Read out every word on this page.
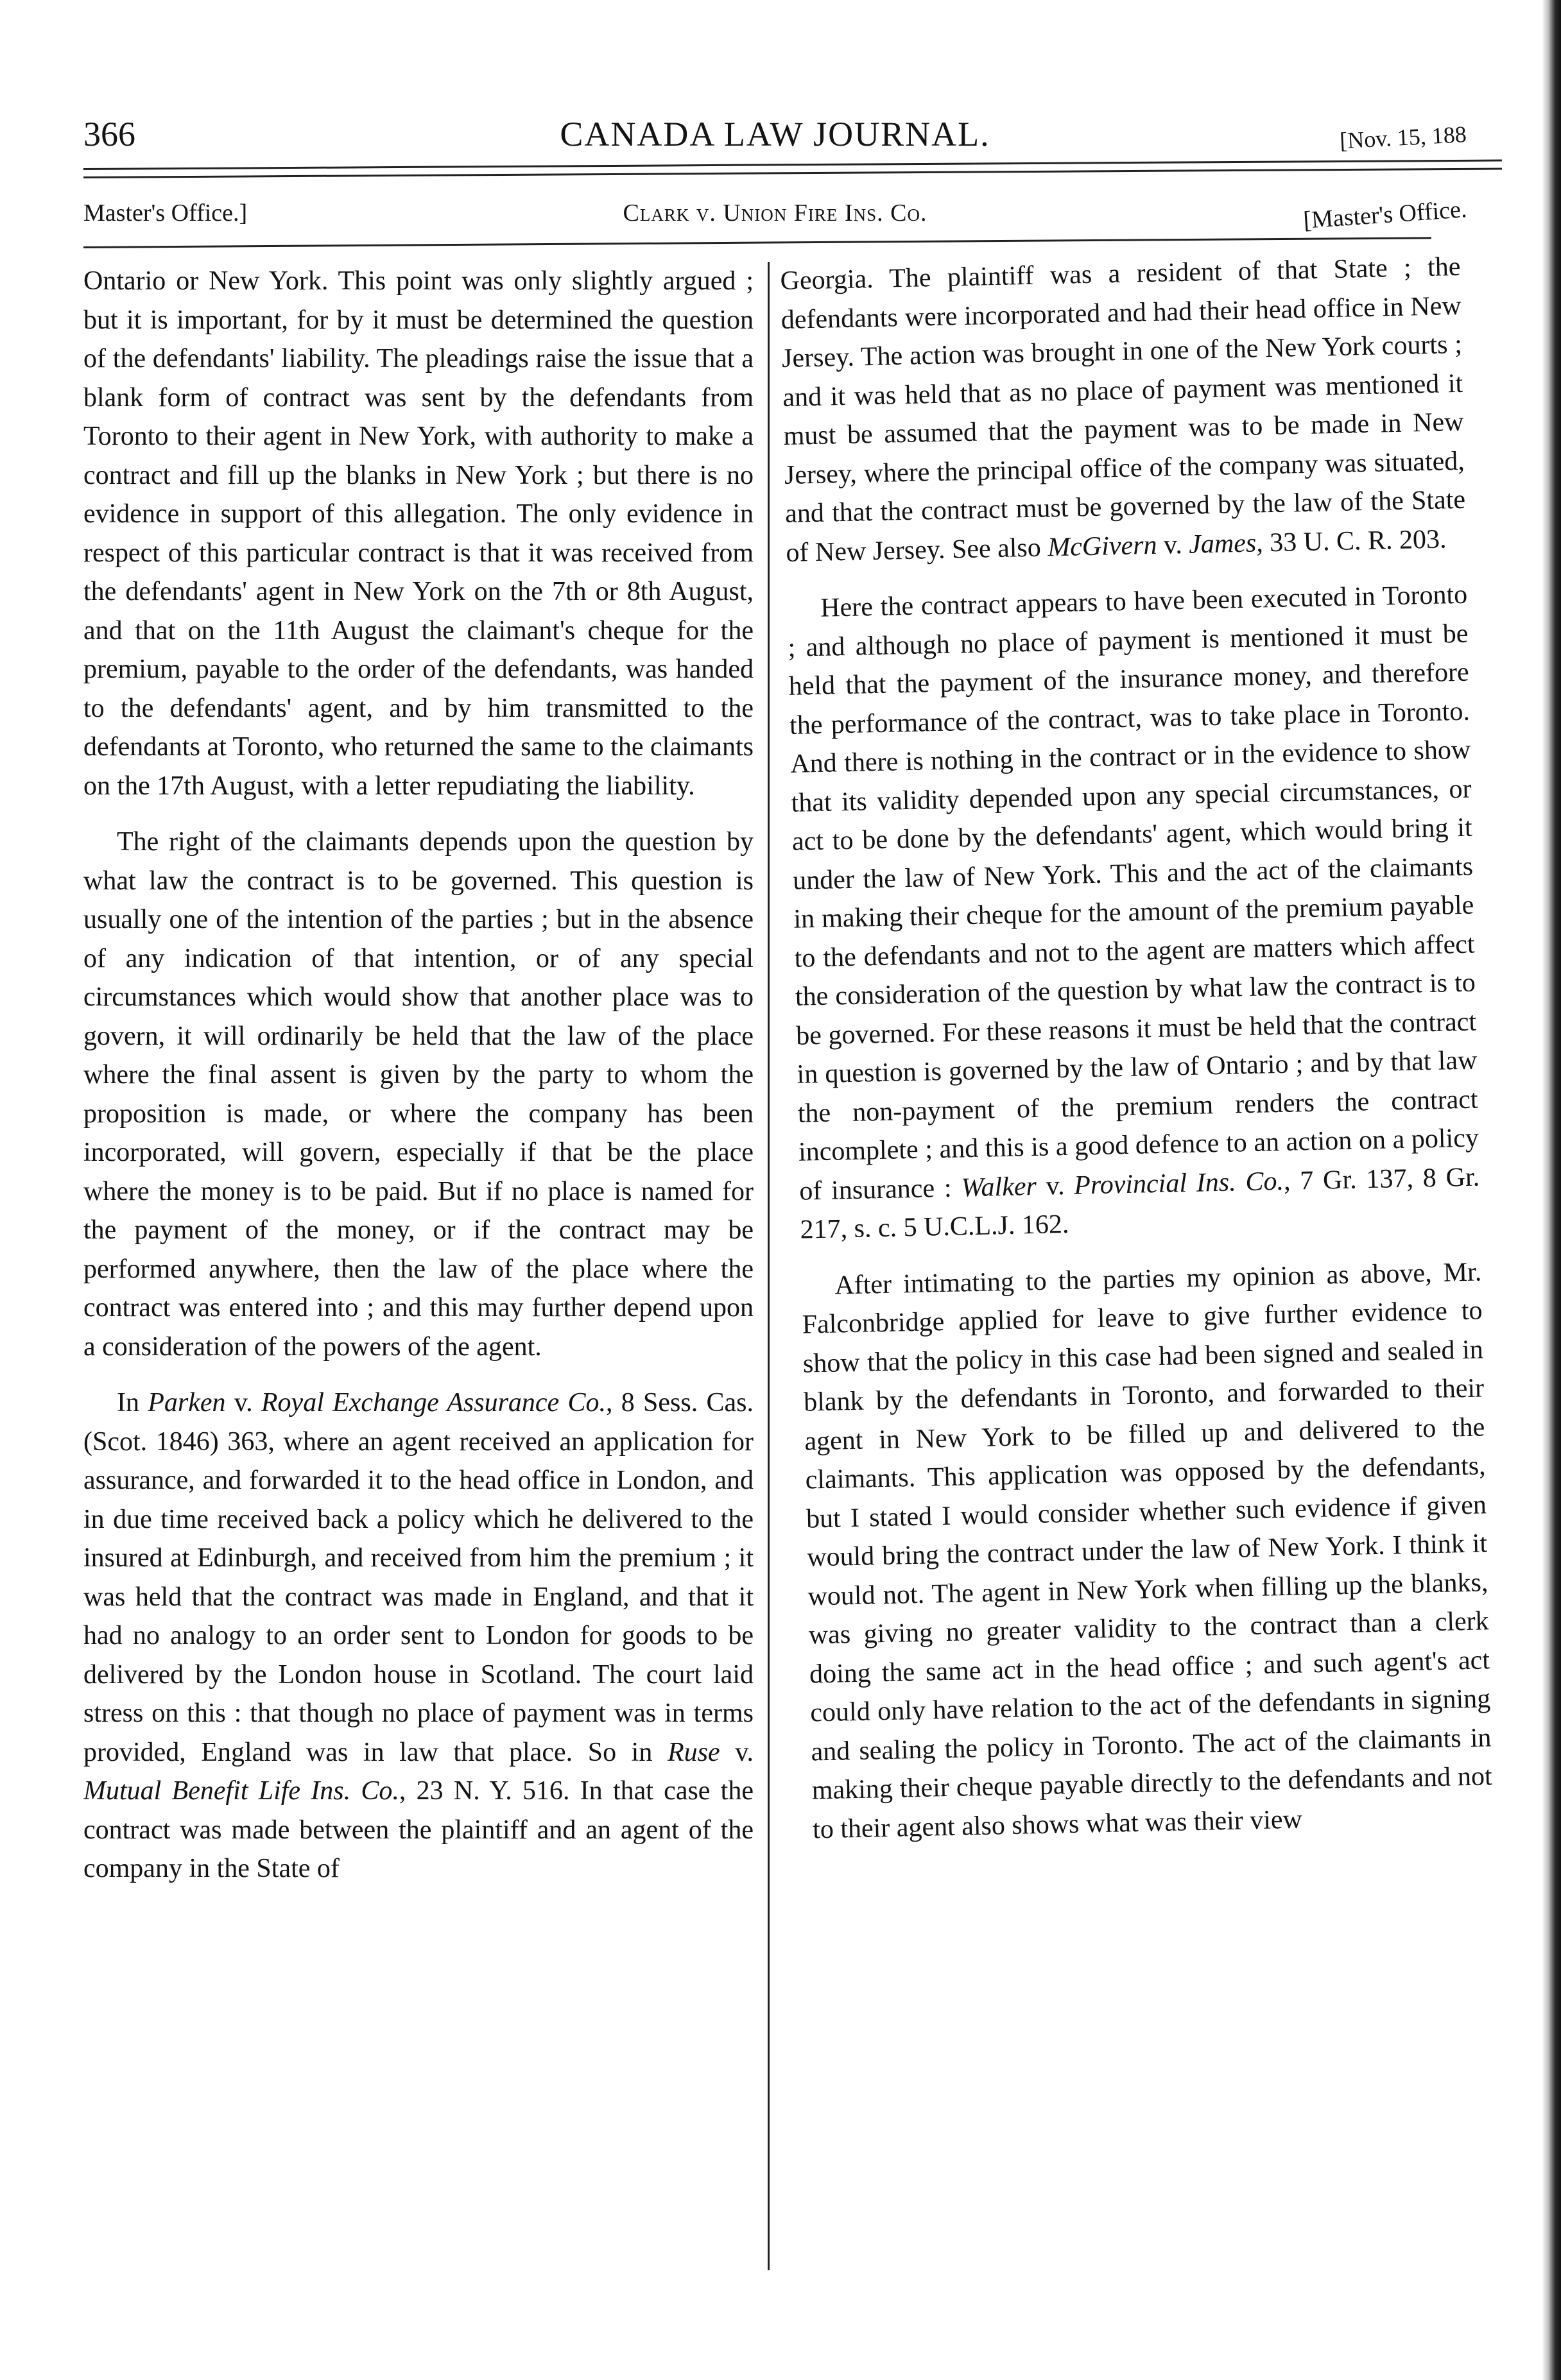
366	CANADA LAW JOURNAL.	[Nov. 15, 188
Master's Office.]	Clark v. Union Fire Ins. Co.	[Master's Office.

Ontario or New York. This point was only slightly argued ; but it is important, for by it must be determined the question of the defendants' liability. The pleadings raise the issue that a blank form of contract was sent by the defendants from Toronto to their agent in New York, with authority to make a contract and fill up the blanks in New York ; but there is no evidence in support of this allegation. The only evidence in respect of this particular contract is that it was received from the defendants' agent in New York on the 7th or 8th August, and that on the 11th August the claimant's cheque for the premium, payable to the order of the defendants, was handed to the defendants' agent, and by him transmitted to the defendants at Toronto, who returned the same to the claimants on the 17th August, with a letter repudiating the liability.

The right of the claimants depends upon the question by what law the contract is to be governed. This question is usually one of the intention of the parties ; but in the absence of any indication of that intention, or of any special circumstances which would show that another place was to govern, it will ordinarily be held that the law of the place where the final assent is given by the party to whom the proposition is made, or where the company has been incorporated, will govern, especially if that be the place where the money is to be paid. But if no place is named for the payment of the money, or if the contract may be performed anywhere, then the law of the place where the contract was entered into ; and this may further depend upon a consideration of the powers of the agent.

In Parken v. Royal Exchange Assurance Co., 8 Sess. Cas. (Scot. 1846) 363, where an agent received an application for assurance, and forwarded it to the head office in London, and in due time received back a policy which he delivered to the insured at Edinburgh, and received from him the premium ; it was held that the contract was made in England, and that it had no analogy to an order sent to London for goods to be delivered by the London house in Scotland. The court laid stress on this : that though no place of payment was in terms provided, England was in law that place. So in Ruse v. Mutual Benefit Life Ins. Co., 23 N. Y. 516. In that case the contract was made between the plaintiff and an agent of the company in the State of

Georgia. The plaintiff was a resident of that State ; the defendants were incorporated and had their head office in New Jersey. The action was brought in one of the New York courts ; and it was held that as no place of payment was mentioned it must be assumed that the payment was to be made in New Jersey, where the principal office of the company was situated, and that the contract must be governed by the law of the State of New Jersey. See also McGivern v. James, 33 U. C. R. 203.

Here the contract appears to have been executed in Toronto ; and although no place of payment is mentioned it must be held that the payment of the insurance money, and therefore the performance of the contract, was to take place in Toronto. And there is nothing in the contract or in the evidence to show that its validity depended upon any special circumstances, or act to be done by the defendants' agent, which would bring it under the law of New York. This and the act of the claimants in making their cheque for the amount of the premium payable to the defendants and not to the agent are matters which affect the consideration of the question by what law the contract is to be governed. For these reasons it must be held that the contract in question is governed by the law of Ontario ; and by that law the non-payment of the premium renders the contract incomplete ; and this is a good defence to an action on a policy of insurance : Walker v. Provincial Ins. Co., 7 Gr. 137, 8 Gr. 217, s. c. 5 U.C.L.J. 162.

After intimating to the parties my opinion as above, Mr. Falconbridge applied for leave to give further evidence to show that the policy in this case had been signed and sealed in blank by the defendants in Toronto, and forwarded to their agent in New York to be filled up and delivered to the claimants. This application was opposed by the defendants, but I stated I would consider whether such evidence if given would bring the contract under the law of New York. I think it would not. The agent in New York when filling up the blanks, was giving no greater validity to the contract than a clerk doing the same act in the head office ; and such agent's act could only have relation to the act of the defendants in signing and sealing the policy in Toronto. The act of the claimants in making their cheque payable directly to the defendants and not to their agent also shows what was their view
